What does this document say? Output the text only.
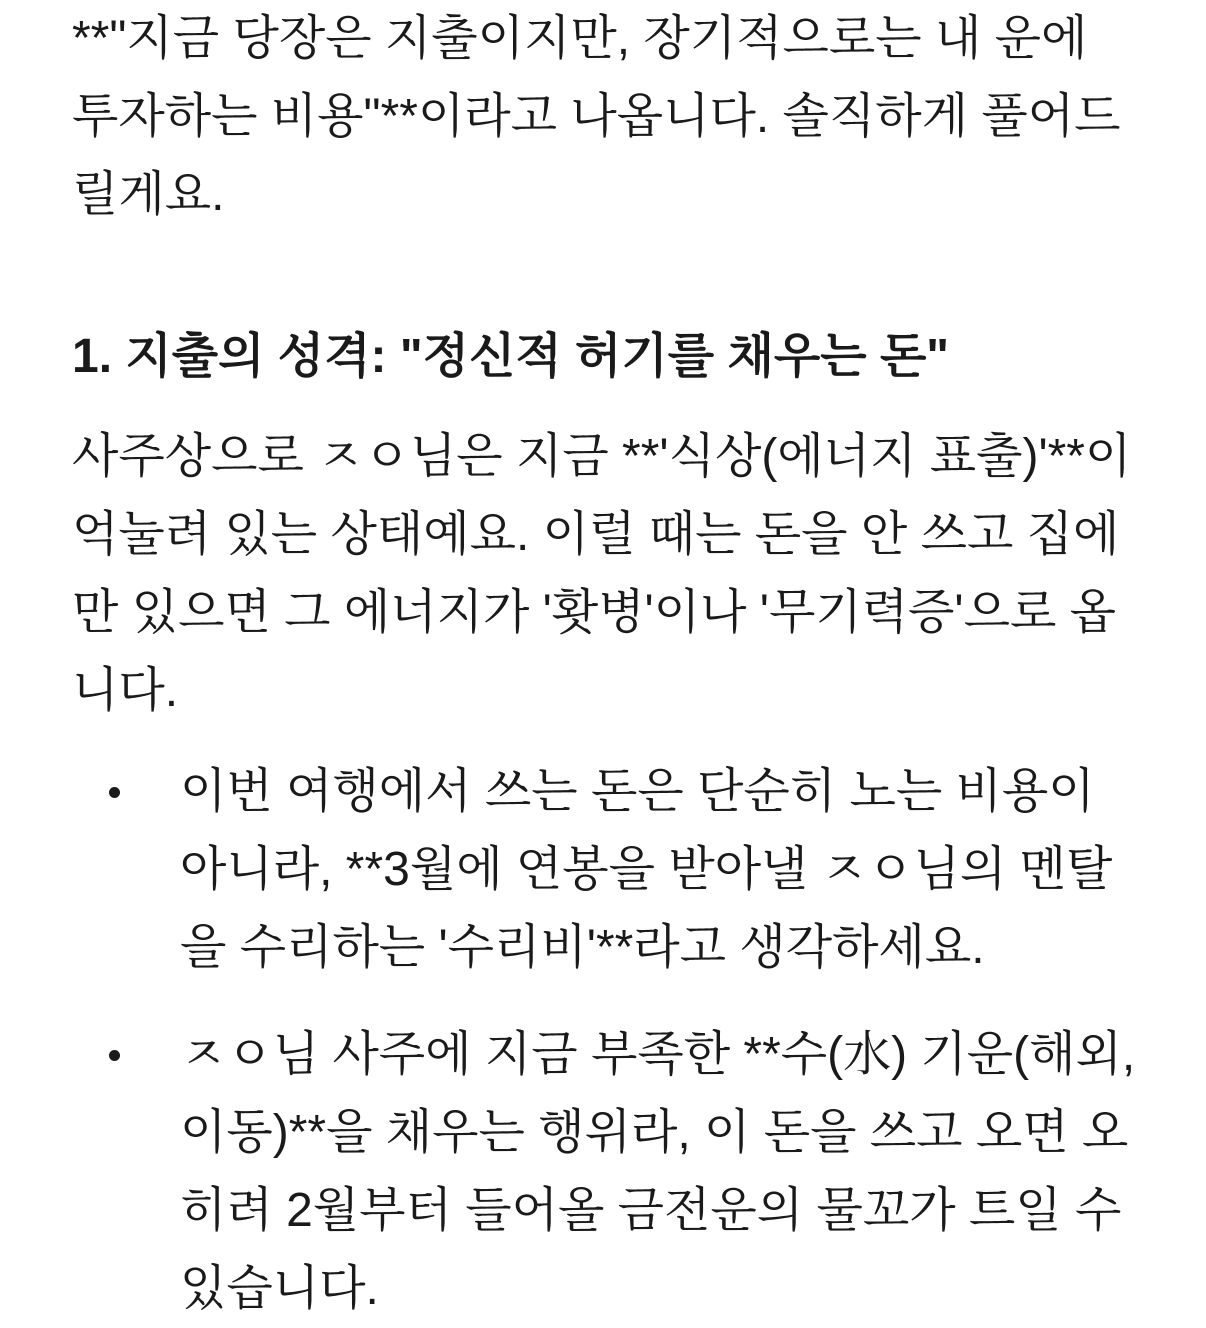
**"지금 당장은 지출이지만, 장기적으로는 내 운에 투자하는 비용"**이라고 나옵니다. 솔직하게 풀어드릴게요.

1. 지출의 성격: "정신적 허기를 채우는 돈"

사주상으로 ㅈㅇ님은 지금 **'식상(에너지 표출)'**이 억눌려 있는 상태예요. 이럴 때는 돈을 안 쓰고 집에만 있으면 그 에너지가 '홧병'이나 '무기력증'으로 옵니다.

이번 여행에서 쓰는 돈은 단순히 노는 비용이 아니라, **3월에 연봉을 받아낼 ㅈㅇ님의 멘탈을 수리하는 '수리비'**라고 생각하세요.
ㅈㅇ님 사주에 지금 부족한 **수(水) 기운(해외, 이동)**을 채우는 행위라, 이 돈을 쓰고 오면 오히려 2월부터 들어올 금전운의 물꼬가 트일 수 있습니다.
